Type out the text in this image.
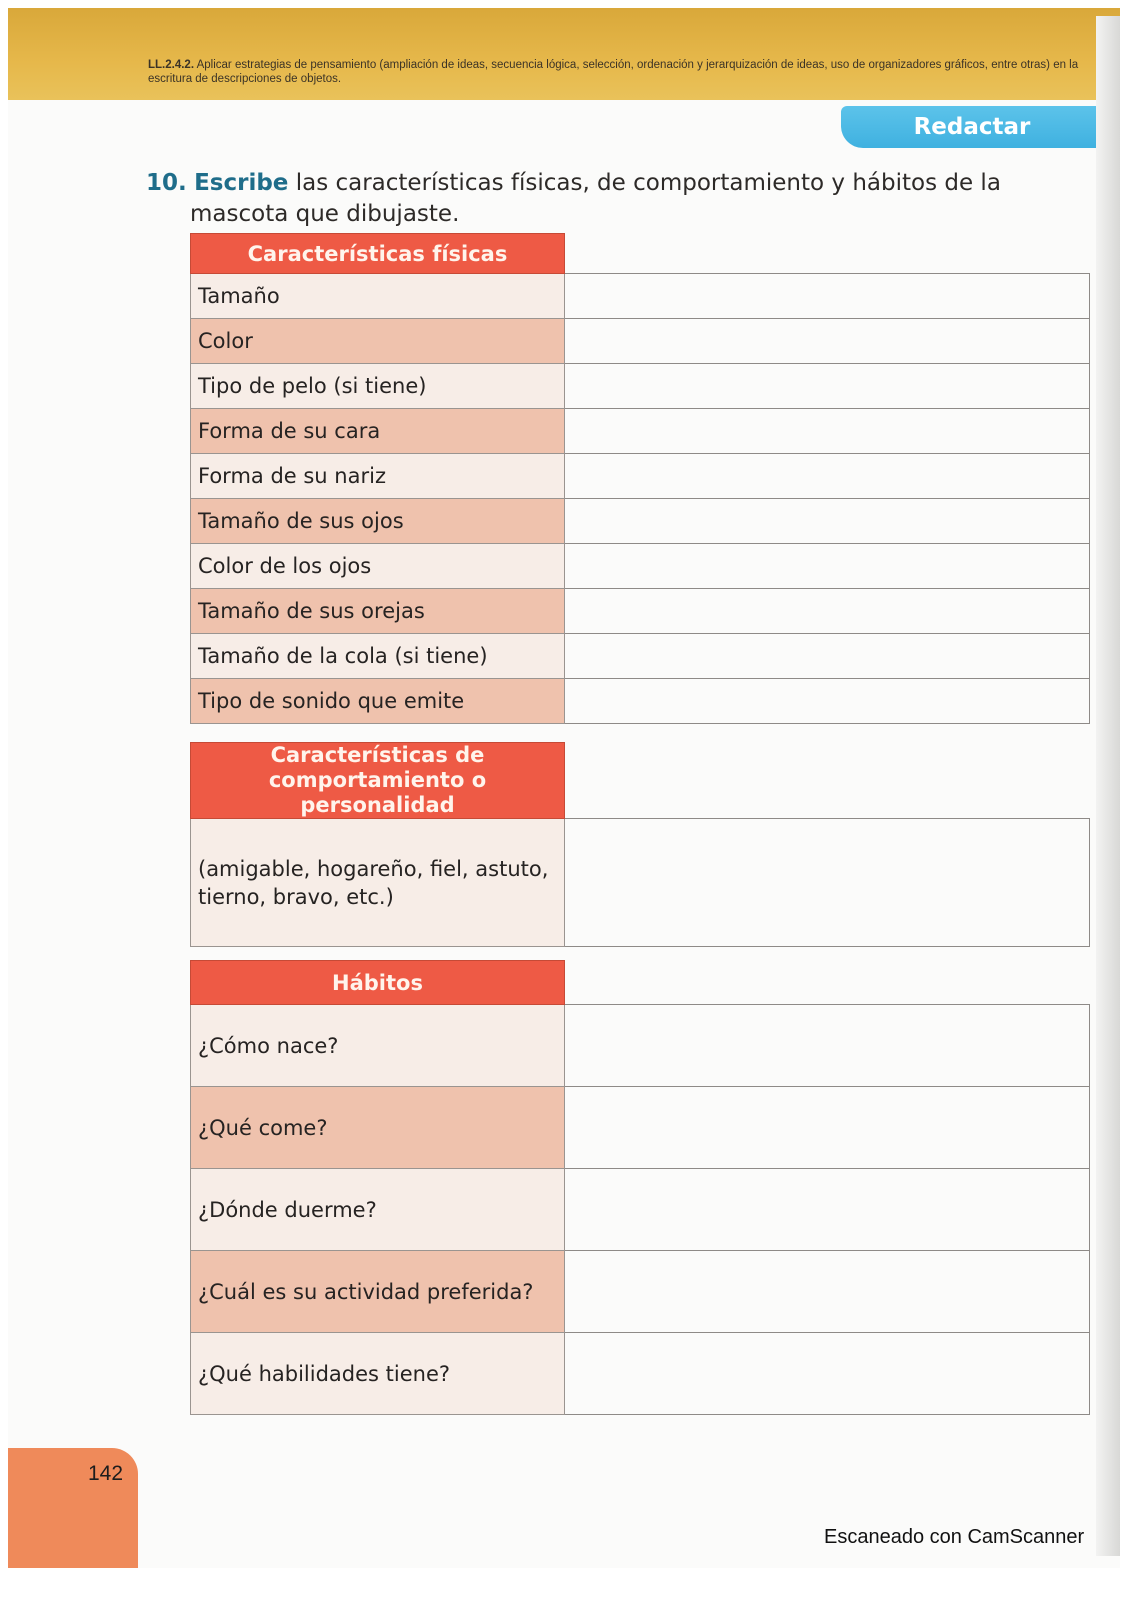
LL.2.4.2. Aplicar estrategias de pensamiento (ampliación de ideas, secuencia lógica, selección, ordenación y jerarquización de ideas, uso de organizadores gráficos, entre otras) en la escritura de descripciones de objetos.
Redactar
10. Escribe las características físicas, de comportamiento y hábitos de la
mascota que dibujaste.
Características físicas	
Tamaño	
Color	
Tipo de pelo (si tiene)	
Forma de su cara	
Forma de su nariz	
Tamaño de sus ojos	
Color de los ojos	
Tamaño de sus orejas	
Tamaño de la cola (si tiene)	
Tipo de sonido que emite	
Características de
comportamiento o personalidad	

(amigable, hogareño, fiel, astuto, tierno, bravo, etc.)	
Hábitos	
¿Cómo nace?	
¿Qué come?	
¿Dónde duerme?	
¿Cuál es su actividad preferida?	
¿Qué habilidades tiene?	
142
Escaneado con CamScanner
